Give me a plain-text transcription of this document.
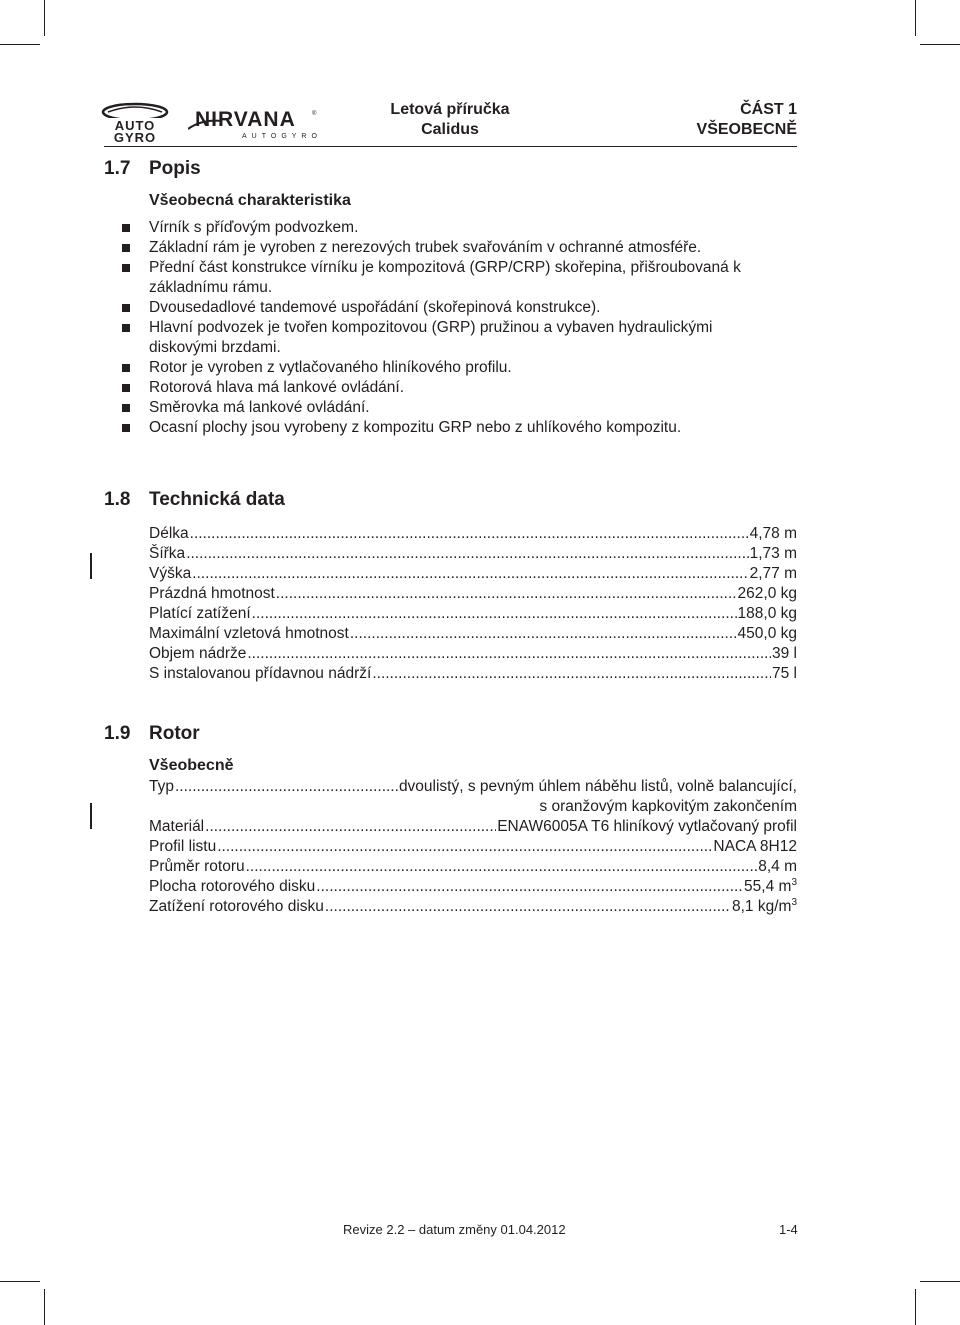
AUTO
GYRO
NIRVANA
AUTOGYRO
®	Letová příručka
Calidus
ČÁST 1
VŠEOBECNĚ
1.7 Popis
Všeobecná charakteristika
Vírník s příďovým podvozkem.
Základní rám je vyroben z nerezových trubek svařováním v ochranné atmosféře.
Přední část konstrukce vírníku je kompozitová (GRP/CRP) skořepina, přišroubovaná k základnímu rámu.
Dvousedadlové tandemové uspořádání (skořepinová konstrukce).
Hlavní podvozek je tvořen kompozitovou (GRP) pružinou a vybaven hydraulickými diskovými brzdami.
Rotor je vyroben z vytlačovaného hliníkového profilu.
Rotorová hlava má lankové ovládání.
Směrovka má lankové ovládání.
Ocasní plochy jsou vyrobeny z kompozitu GRP nebo z uhlíkového kompozitu.
1.8 Technická data
Délka .....	4,78 m
Šířka .....	1,73 m
Výška .....	2,77 m
Prázdná hmotnost .....	262,0 kg
Platící zatížení .....	188,0 kg
Maximální vzletová hmotnost .....	450,0 kg
Objem nádrže .....	39 l
S instalovanou přídavnou nádrží .....	75 l
1.9 Rotor
Všeobecně
Typ .....	dvoulistý, s pevným úhlem náběhu listů, volně balancující,
s oranžovým kapkovitým zakončením
Materiál .....	ENAW6005A T6 hliníkový vytlačovaný profil
Profil listu .....	NACA 8H12
Průměr rotoru .....	8,4 m
Plocha rotorového disku .....	55,4 $m^3$
Zatížení rotorového disku .....	8,1 $kg/m^3$
Revize 2.2 – datum změny 01.04.2012	1-4
